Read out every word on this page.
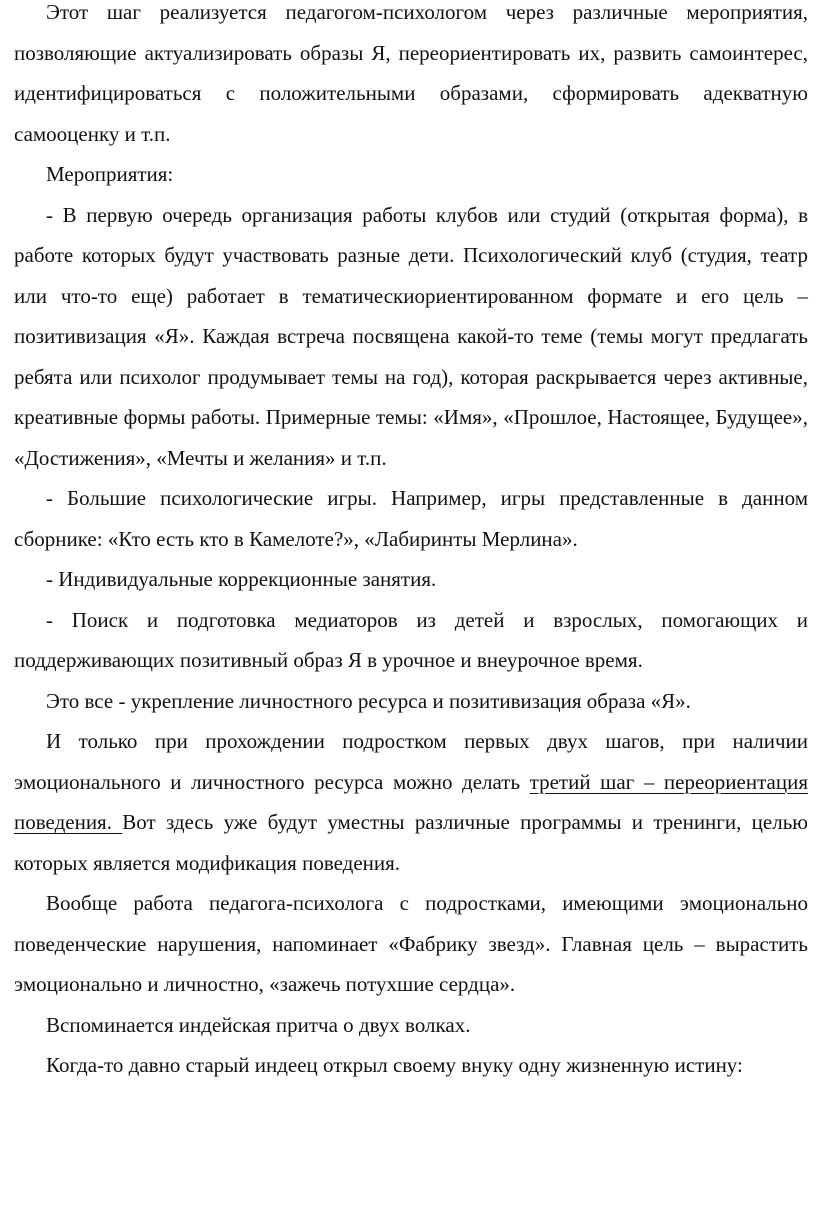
Этот шаг реализуется педагогом-психологом через различные мероприятия, позволяющие актуализировать образы Я, переориентировать их, развить самоинтерес, идентифицироваться с положительными образами, сформировать адекватную самооценку и т.п.

Мероприятия:

- В первую очередь организация работы клубов или студий (открытая форма), в работе которых будут участвовать разные дети. Психологический клуб (студия, театр или что-то еще) работает в тематическиориентированном формате и его цель – позитивизация «Я». Каждая встреча посвящена какой-то теме (темы могут предлагать ребята или психолог продумывает темы на год), которая раскрывается через активные, креативные формы работы. Примерные темы: «Имя», «Прошлое, Настоящее, Будущее», «Достижения», «Мечты и желания» и т.п.

- Большие психологические игры. Например, игры представленные в данном сборнике: «Кто есть кто в Камелоте?», «Лабиринты Мерлина».

- Индивидуальные коррекционные занятия.

- Поиск и подготовка медиаторов из детей и взрослых, помогающих и поддерживающих позитивный образ Я в урочное и внеурочное время.

Это все - укрепление личностного ресурса и позитивизация образа «Я».

И только при прохождении подростком первых двух шагов, при наличии эмоционального и личностного ресурса можно делать третий шаг – переориентация поведения. Вот здесь уже будут уместны различные программы и тренинги, целью которых является модификация поведения.

Вообще работа педагога-психолога с подростками, имеющими эмоционально поведенческие нарушения, напоминает «Фабрику звезд». Главная цель – вырастить эмоционально и личностно, «зажечь потухшие сердца».

Вспоминается индейская притча о двух волках.

Когда-то давно старый индеец открыл своему внуку одну жизненную истину:
